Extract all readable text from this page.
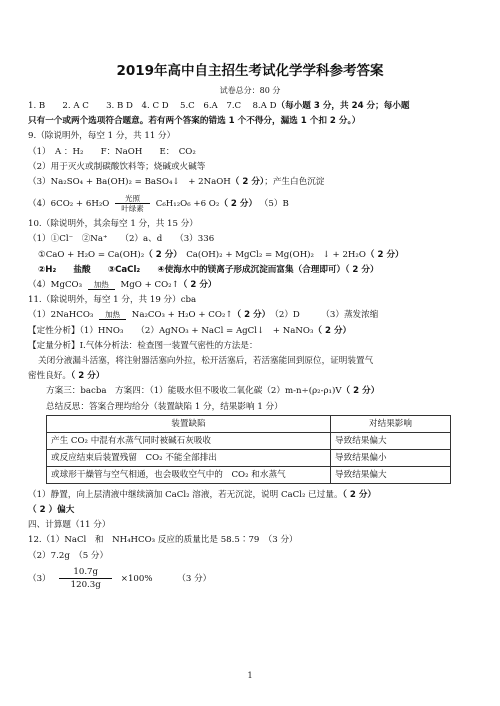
2019年高中自主招生考试化学学科参考答案
试卷总分：80 分
1. B　　2. A C　　3. B D　4. C D　 5.C　6.A　7.C　 8.A D（每小题 3 分，共 24 分；每小题
只有一个或两个选项符合题意。若有两个答案的错选 1 个不得分，漏选 1 个扣 2 分。）
9.（除说明外，每空 1 分，共 11 分）
（1）　A ：H₂　　F：NaOH　　E：　CO₂
（2）用于灭火或制碳酸饮料等；烧碱或火碱等
（3）Na₂SO₄ + Ba(OH)₂ = BaSO₄↓　+ 2NaOH（ 2 分）；产生白色沉淀
（4）6CO₂ + 6H₂O
光照
叶绿素	C₆H₁₂O₆ +6 O₂（ 2 分） （5）B
10.（除说明外，其余每空 1 分，共 15 分）
（1）①Cl⁻　②Na⁺　　（2）a、d　　（3）336
①CaO + H₂O = Ca(OH)₂（ 2 分）　Ca(OH)₂ + MgCl₂ = Mg(OH)₂　↓ + 2H₂O（ 2 分）
②H₂　　盐酸　　③CaCl₂　　④使海水中的镁离子形成沉淀而富集（合理即可）（ 2 分）
（4）MgCO₃	加热	MgO + CO₂↑（ 2 分）
11.（除说明外，每空 1 分，共 19 分）cba
（1）2NaHCO₃	加热	Na₂CO₃ + H₂O + CO₂↑（ 2 分）　（2）D　　　（3）蒸发浓缩
【定性分析】（1）HNO₃　　（2）AgNO₃ + NaCl = AgCl↓　+ NaNO₃（ 2 分）
【定量分析】Ⅰ.气体分析法：检查图一装置气密性的方法是：
关闭分液漏斗活塞，将注射器活塞向外拉，松开活塞后，若活塞能回到原位，证明装置气
密性良好。（ 2 分）
方案三：bacba　方案四：（1）能吸水但不吸收二氧化碳（2）m-n÷(ρ₂-ρ₁)V（ 2 分）
总结反思：答案合理均给分（装置缺陷 1 分，结果影响 1 分）
装置缺陷	对结果影响
产生 CO₂ 中混有水蒸气同时被碱石灰吸收	导致结果偏大
或反应结束后装置残留　CO₂ 不能全部排出	导致结果偏小
或球形干燥管与空气相通，也会吸收空气中的　CO₂ 和水蒸气	导致结果偏大
（1）静置，向上层清液中继续滴加 CaCl₂ 溶液，若无沉淀，说明 CaCl₂ 已过量。（ 2 分）
（ 2 ）偏大
四、计算题（11 分）
12.（1）NaCl　和　NH₄HCO₃ 反应的质量比是 58.5∶79　（3 分）
（2）7.2g　（5 分）
$(3) \frac{10.7g}{120.3g} \times 100\%$	（3 分）
1
